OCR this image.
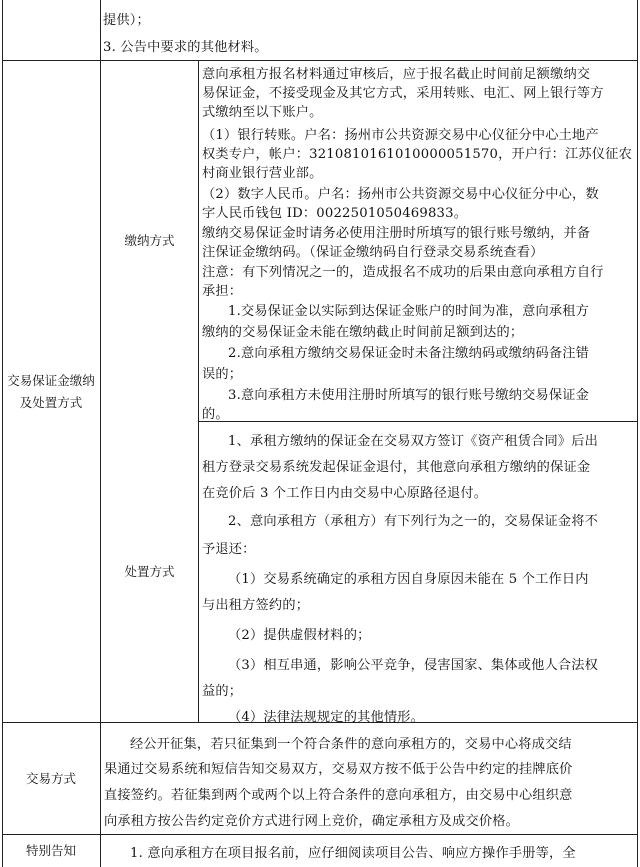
提供）；
3. 公告中要求的其他材料。
交易保证金缴纳
及处置方式
缴纳方式
意向承租方报名材料通过审核后，应于报名截止时间前足额缴纳交
易保证金，不接受现金及其它方式，采用转账、电汇、网上银行等方
式缴纳至以下账户。
（1）银行转账。户名：扬州市公共资源交易中心仪征分中心土地产
权类专户，帐户：3210810161010000051570，开户行：江苏仪征农
村商业银行营业部。
（2）数字人民币。户名：扬州市公共资源交易中心仪征分中心，数
字人民币钱包 ID：0022501050469833。
缴纳交易保证金时请务必使用注册时所填写的银行账号缴纳，并备
注保证金缴纳码。（保证金缴纳码自行登录交易系统查看）
注意：有下列情况之一的，造成报名不成功的后果由意向承租方自行
承担：
1.交易保证金以实际到达保证金账户的时间为准，意向承租方
缴纳的交易保证金未能在缴纳截止时间前足额到达的；
2.意向承租方缴纳交易保证金时未备注缴纳码或缴纳码备注错
误的；
3.意向承租方未使用注册时所填写的银行账号缴纳交易保证金
的。
处置方式
1、承租方缴纳的保证金在交易双方签订《资产租赁合同》后出
租方登录交易系统发起保证金退付，其他意向承租方缴纳的保证金
在竞价后 3 个工作日内由交易中心原路径退付。
2、意向承租方（承租方）有下列行为之一的，交易保证金将不
予退还：
（1）交易系统确定的承租方因自身原因未能在 5 个工作日内
与出租方签约的；
（2）提供虚假材料的；
（3）相互串通，影响公平竞争，侵害国家、集体或他人合法权
益的；
（4）法律法规规定的其他情形。
交易方式
经公开征集，若只征集到一个符合条件的意向承租方的，交易中心将成交结
果通过交易系统和短信告知交易双方，交易双方按不低于公告中约定的挂牌底价
直接签约。若征集到两个或两个以上符合条件的意向承租方，由交易中心组织意
向承租方按公告约定竞价方式进行网上竞价，确定承租方及成交价格。
特别告知	1. 意向承租方在项目报名前，应仔细阅读项目公告、响应方操作手册等，全
